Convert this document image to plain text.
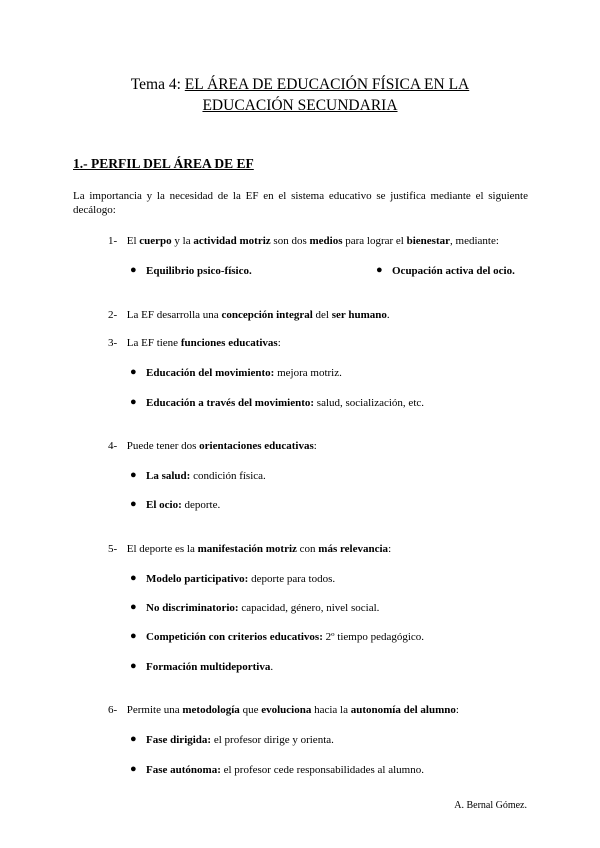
Tema 4: EL ÁREA DE EDUCACIÓN FÍSICA EN LA
EDUCACIÓN SECUNDARIA
1.- PERFIL DEL ÁREA DE EF
La importancia y la necesidad de la EF en el sistema educativo se justifica mediante el siguiente decálogo:
1- El cuerpo y la actividad motriz son dos medios para lograr el bienestar, mediante:
● Equilibrio psico-físico.	● Ocupación activa del ocio.
2- La EF desarrolla una concepción integral del ser humano.
3- La EF tiene funciones educativas:
● Educación del movimiento: mejora motriz.
● Educación a través del movimiento: salud, socialización, etc.
4- Puede tener dos orientaciones educativas:
● La salud: condición física.
● El ocio: deporte.
5- El deporte es la manifestación motriz con más relevancia:
● Modelo participativo: deporte para todos.
● No discriminatorio: capacidad, género, nivel social.
● Competición con criterios educativos: 2º tiempo pedagógico.
● Formación multideportiva.
6- Permite una metodología que evoluciona hacia la autonomía del alumno:
● Fase dirigida: el profesor dirige y orienta.
● Fase autónoma: el profesor cede responsabilidades al alumno.
A. Bernal Gómez.
